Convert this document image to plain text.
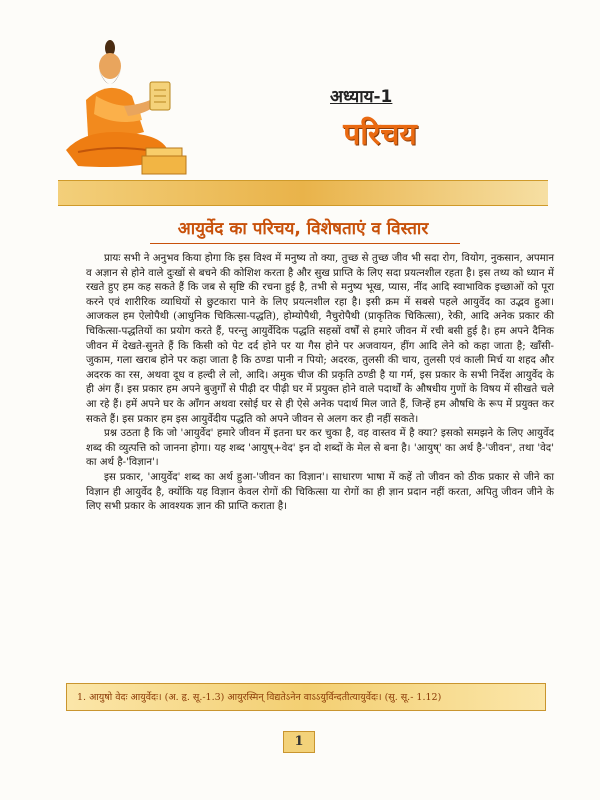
अध्याय-1
परिचय
आयुर्वेद का परिचय, विशेषताएं व विस्तार

प्रायः सभी ने अनुभव किया होगा कि इस विश्व में मनुष्य तो क्या, तुच्छ से तुच्छ जीव भी सदा रोग, वियोग, नुकसान, अपमान व अज्ञान से होने वाले दुःखों से बचने की कोशिश करता है और सुख प्राप्ति के लिए सदा प्रयत्नशील रहता है। इस तथ्य को ध्यान में रखते हुए हम कह सकते हैं कि जब से सृष्टि की रचना हुई है, तभी से मनुष्य भूख, प्यास, नींद आदि स्वाभाविक इच्छाओं को पूरा करने एवं शारीरिक व्याधियों से छुटकारा पाने के लिए प्रयत्नशील रहा है। इसी क्रम में सबसे पहले आयुर्वेद का उद्भव हुआ। आजकल हम ऐलोपैथी (आधुनिक चिकित्सा-पद्धति), होम्योपैथी, नैचुरोपैथी (प्राकृतिक चिकित्सा), रेकी, आदि अनेक प्रकार की चिकित्सा-पद्धतियों का प्रयोग करते हैं, परन्तु आयुर्वेदिक पद्धति सहस्रों वर्षों से हमारे जीवन में रची बसी हुई है। हम अपने दैनिक जीवन में देखते-सुनते हैं कि किसी को पेट दर्द होने पर या गैस होने पर अजवायन, हींग आदि लेने को कहा जाता है; खाँसी-जुकाम, गला खराब होने पर कहा जाता है कि ठण्डा पानी न पियो; अदरक, तुलसी की चाय, तुलसी एवं काली मिर्च या शहद और अदरक का रस, अथवा दूध व हल्दी ले लो, आदि। अमुक चीज की प्रकृति ठण्डी है या गर्म, इस प्रकार के सभी निर्देश आयुर्वेद के ही अंग हैं। इस प्रकार हम अपने बुजुर्गों से पीढ़ी दर पीढ़ी घर में प्रयुक्त होने वाले पदार्थों के औषधीय गुणों के विषय में सीखते चले आ रहे हैं। हमें अपने घर के आँगन अथवा रसोई घर से ही ऐसे अनेक पदार्थ मिल जाते हैं, जिन्हें हम औषधि के रूप में प्रयुक्त कर सकते हैं। इस प्रकार हम इस आयुर्वेदीय पद्धति को अपने जीवन से अलग कर ही नहीं सकते।

प्रश्न उठता है कि जो 'आयुर्वेद' हमारे जीवन में इतना घर कर चुका है, वह वास्तव में है क्या? इसको समझने के लिए आयुर्वेद शब्द की व्युत्पत्ति को जानना होगा। यह शब्द 'आयुष्+वेद' इन दो शब्दों के मेल से बना है। 'आयुष्' का अर्थ है-'जीवन', तथा 'वेद' का अर्थ है-'विज्ञान'।

इस प्रकार, 'आयुर्वेद' शब्द का अर्थ हुआ-'जीवन का विज्ञान'। साधारण भाषा में कहें तो जीवन को ठीक प्रकार से जीने का विज्ञान ही आयुर्वेद है, क्योंकि यह विज्ञान केवल रोगों की चिकित्सा या रोगों का ही ज्ञान प्रदान नहीं करता, अपितु जीवन जीने के लिए सभी प्रकार के आवश्यक ज्ञान की प्राप्ति कराता है।

1. आयुषो वेदः आयुर्वेदः। (अ. हृ. सू.-1.3) आयुरस्मिन् विद्यतेऽनेन वाऽऽयुर्विन्दतीत्यायुर्वेदः। (सु. सू.- 1.12)
1
